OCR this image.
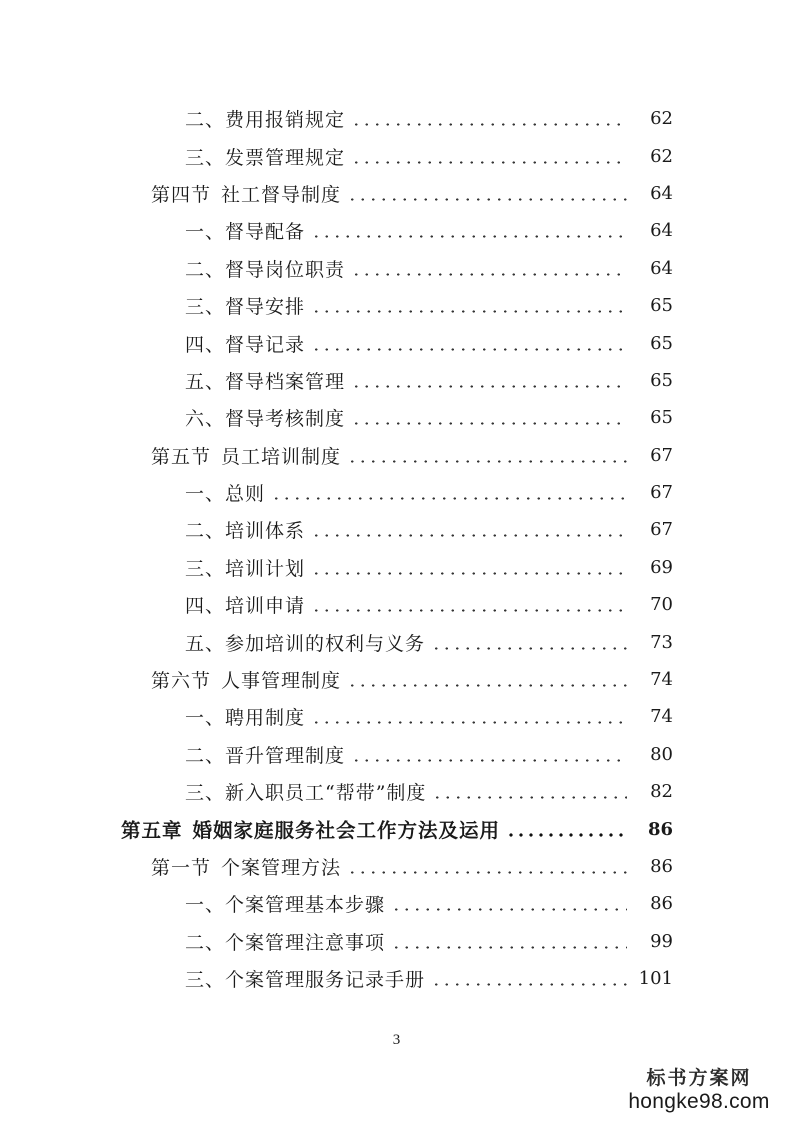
二、费用报销规定	62
三、发票管理规定	62
第四节 社工督导制度	64
一、督导配备	64
二、督导岗位职责	64
三、督导安排	65
四、督导记录	65
五、督导档案管理	65
六、督导考核制度	65
第五节 员工培训制度	67
一、总则	67
二、培训体系	67
三、培训计划	69
四、培训申请	70
五、参加培训的权利与义务	73
第六节 人事管理制度	74
一、聘用制度	74
二、晋升管理制度	80
三、新入职员工“帮带”制度	82
第五章 婚姻家庭服务社会工作方法及运用	86
第一节 个案管理方法	86
一、个案管理基本步骤	86
二、个案管理注意事项	99
三、个案管理服务记录手册	101
3
标书方案网
hongke98.com
